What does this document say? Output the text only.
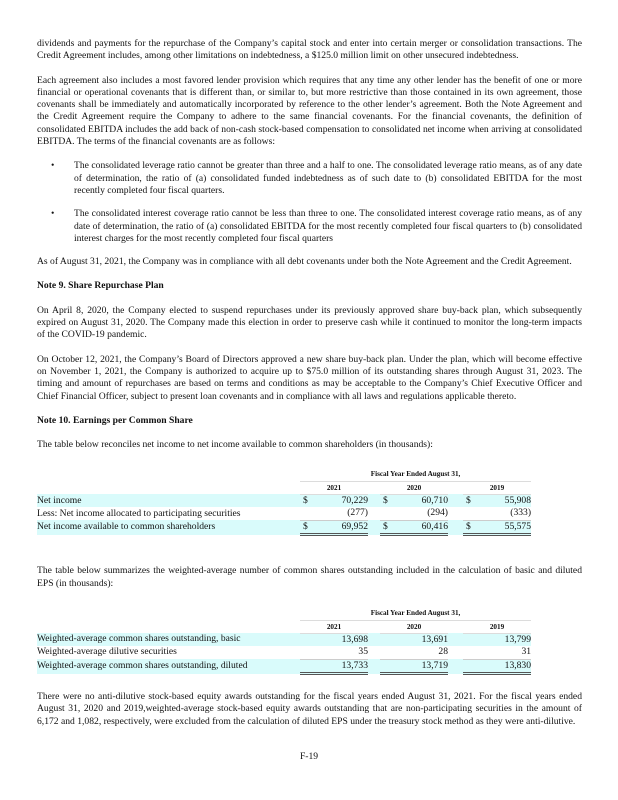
dividends and payments for the repurchase of the Company’s capital stock and enter into certain merger or consolidation transactions. The Credit Agreement includes, among other limitations on indebtedness, a $125.0 million limit on other unsecured indebtedness.

Each agreement also includes a most favored lender provision which requires that any time any other lender has the benefit of one or more financial or operational covenants that is different than, or similar to, but more restrictive than those contained in its own agreement, those covenants shall be immediately and automatically incorporated by reference to the other lender’s agreement. Both the Note Agreement and the Credit Agreement require the Company to adhere to the same financial covenants. For the financial covenants, the definition of consolidated EBITDA includes the add back of non-cash stock-based compensation to consolidated net income when arriving at consolidated EBITDA. The terms of the financial covenants are as follows:

• The consolidated leverage ratio cannot be greater than three and a half to one. The consolidated leverage ratio means, as of any date of determination, the ratio of (a) consolidated funded indebtedness as of such date to (b) consolidated EBITDA for the most recently completed four fiscal quarters.
• The consolidated interest coverage ratio cannot be less than three to one. The consolidated interest coverage ratio means, as of any date of determination, the ratio of (a) consolidated EBITDA for the most recently completed four fiscal quarters to (b) consolidated interest charges for the most recently completed four fiscal quarters

As of August 31, 2021, the Company was in compliance with all debt covenants under both the Note Agreement and the Credit Agreement.

Note 9. Share Repurchase Plan

On April 8, 2020, the Company elected to suspend repurchases under its previously approved share buy-back plan, which subsequently expired on August 31, 2020. The Company made this election in order to preserve cash while it continued to monitor the long-term impacts of the COVID-19 pandemic.

On October 12, 2021, the Company’s Board of Directors approved a new share buy-back plan. Under the plan, which will become effective on November 1, 2021, the Company is authorized to acquire up to $75.0 million of its outstanding shares through August 31, 2023. The timing and amount of repurchases are based on terms and conditions as may be acceptable to the Company’s Chief Executive Officer and Chief Financial Officer, subject to present loan covenants and in compliance with all laws and regulations applicable thereto.

Note 10. Earnings per Common Share

The table below reconciles net income to net income available to common shareholders (in thousands):

		Fiscal Year Ended August 31,								
		2021			2020			2019		
Net income		$	70,229		$	60,710		$	55,908	
Less: Net income allocated to participating securities			(277)			(294)			(333)	
Net income available to common shareholders		$	69,952		$	60,416		$	55,575	

The table below summarizes the weighted-average number of common shares outstanding included in the calculation of basic and diluted EPS (in thousands):

		Fiscal Year Ended August 31,								
		2021			2020			2019		
Weighted-average common shares outstanding, basic			13,698			13,691			13,799	
Weighted-average dilutive securities			35			28			31	
Weighted-average common shares outstanding, diluted			13,733			13,719			13,830	

There were no anti-dilutive stock-based equity awards outstanding for the fiscal years ended August 31, 2021. For the fiscal years ended August 31, 2020 and 2019,weighted-average stock-based equity awards outstanding that are non-participating securities in the amount of 6,172 and 1,082, respectively, were excluded from the calculation of diluted EPS under the treasury stock method as they were anti-dilutive.

F-19
